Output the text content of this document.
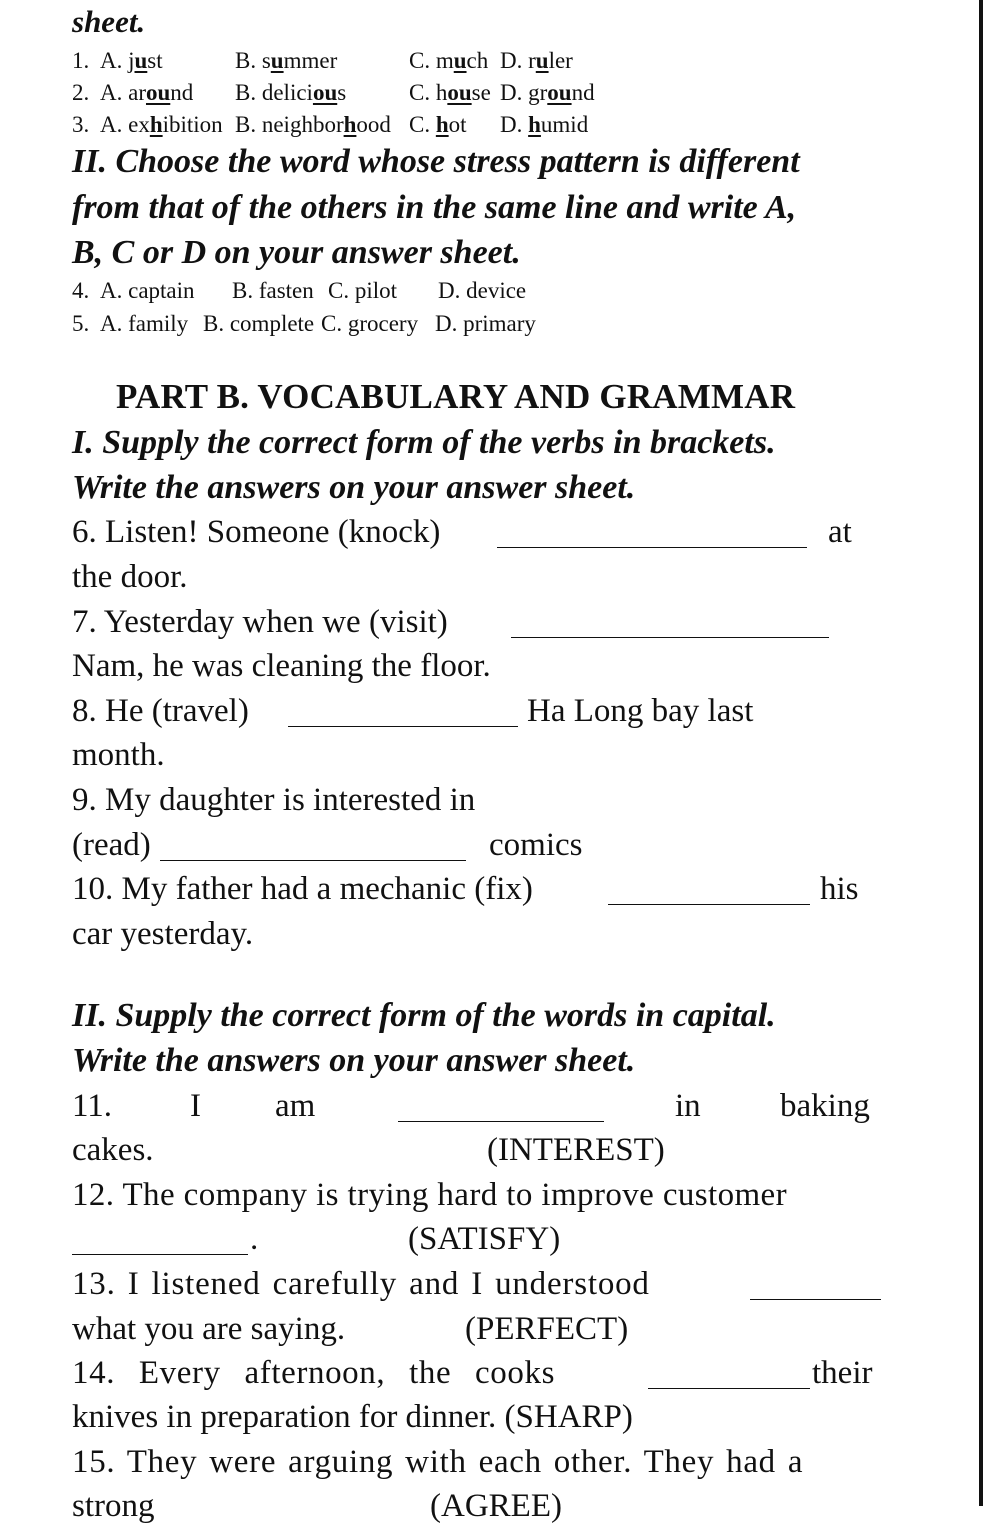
sheet.
1. A. just	B. summer	C. much D. ruler
2. A. around B. delicious	C. house D. ground
3. A. exhibition B. neighborhood C. hot D. humid
II. Choose the word whose stress pattern is different
from that of the others in the same line and write A,
B, C or D on your answer sheet.
4. A. captain B. fasten C. pilot D. device
5. A. family B. complete C. grocery D. primary
PART B. VOCABULARY AND GRAMMAR
I. Supply the correct form of the verbs in brackets.
Write the answers on your answer sheet.
6. Listen! Someone (knock)	at
the door.
7. Yesterday when we (visit)
Nam, he was cleaning the floor.
8. He (travel)	Ha Long bay last
month.
9. My daughter is interested in
(read)	comics
10. My father had a mechanic (fix)	his
car yesterday.
II. Supply the correct form of the words in capital.
Write the answers on your answer sheet.
11. I am	in baking
cakes.	(INTEREST)
12. The company is trying hard to improve customer
.	(SATISFY)
13. I listened carefully and I understood
what you are saying.	(PERFECT)
14. Every afternoon, the cooks	their
knives in preparation for dinner. (SHARP)
15. They were arguing with each other. They had a
strong	(AGREE)
